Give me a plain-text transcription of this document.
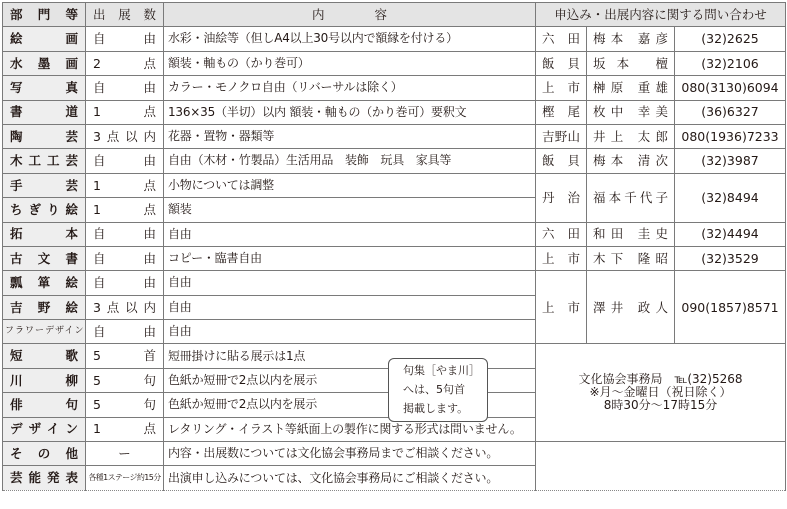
部門等	出展数	内　　　　容	申込み・出展内容に関する問い合わせ		
絵画	自由	水彩・油絵等（但しA4以上30号以内で額縁を付ける）	六田	梅本 嘉彦	(32)2625
水墨画	2点	額装・軸もの（かり巻可）	飯貝	坂本 檀	(32)2106
写真	自由	カラー・モノクロ自由（リバーサルは除く）	上市	榊原 重雄	080(3130)6094
書道	1点	136×35（半切）以内 額装・軸もの（かり巻可）要釈文	樫尾	枚中 幸美	(36)6327
陶芸	3点以内	花器・置物・器類等	吉野山	井上 太郎	080(1936)7233
木工工芸	自由	自由（木材・竹製品）生活用品　装飾　玩具　家具等	飯貝	梅本 清次	(32)3987
手芸	1点	小物については調整	丹治	福本千代子	(32)8494
ちぎり絵	1点	額装			
拓本	自由	自由	六田	和田 圭史	(32)4494
古文書	自由	コピー・臨書自由	上市	木下 隆昭	(32)3529
瓢箪絵	自由	自由	上市	澤井 政人	090(1857)8571
吉野絵	3点以内	自由			
フラワーデザイン	自由	自由			
短歌	5首	短冊掛けに貼る展示は1点	文化協会事務局　℡(32)5268
※月～金曜日（祝日除く）
8時30分～17時15分		

川柳	5句	色紙か短冊で2点以内を展示			
俳句	5句	色紙か短冊で2点以内を展示			
デザイン	1点	レタリング・イラスト等紙面上の製作に関する形式は問いません。			
その他	ー	内容・出展数については文化協会事務局までご相談ください。			
芸能発表	各種1ステージ約15分	出演申し込みについては、文化協会事務局にご相談ください。			
句集［やま川］
へは、5句首
掲載します。
